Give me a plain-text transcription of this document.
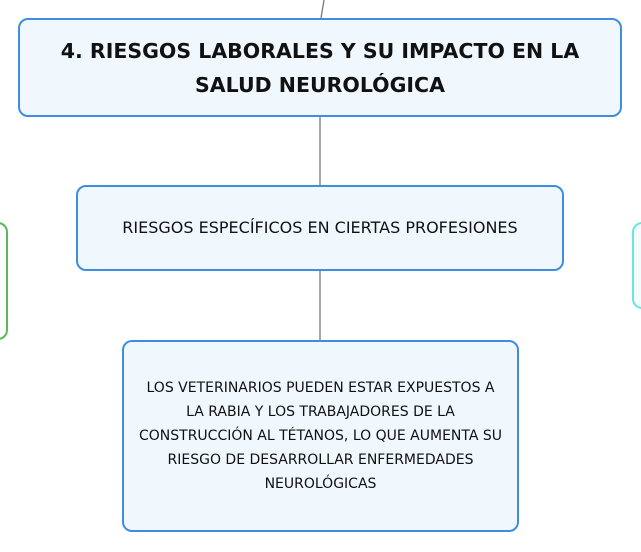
4. RIESGOS LABORALES Y SU IMPACTO EN LA SALUD NEUROLÓGICA
RIESGOS ESPECÍFICOS EN CIERTAS PROFESIONES
LOS VETERINARIOS PUEDEN ESTAR EXPUESTOS A LA RABIA Y LOS TRABAJADORES DE LA CONSTRUCCIÓN AL TÉTANOS, LO QUE AUMENTA SU RIESGO DE DESARROLLAR ENFERMEDADES NEUROLÓGICAS
